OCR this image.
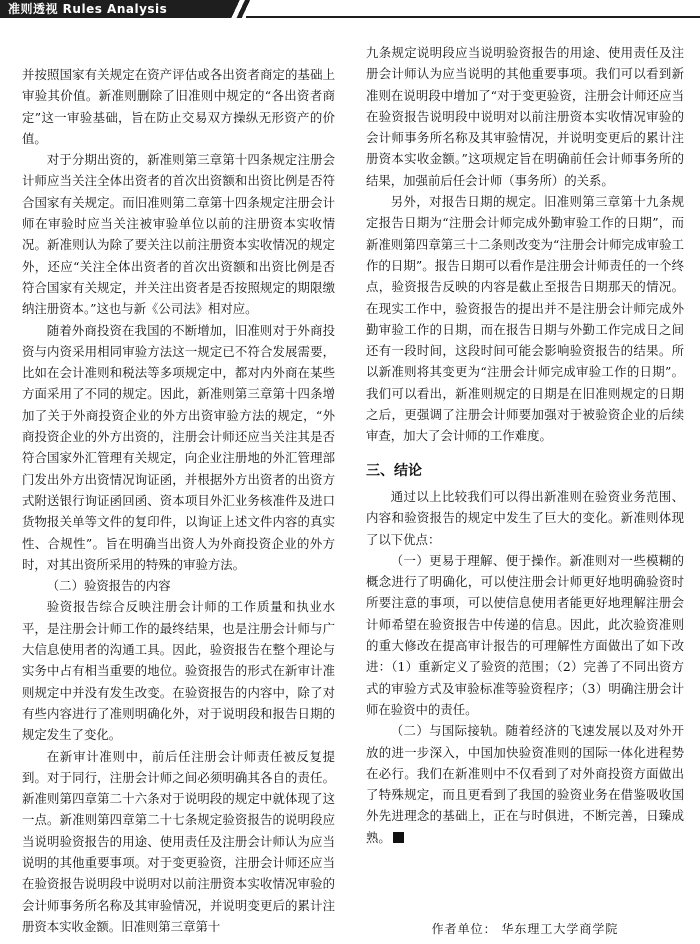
准则透视 Rules Analysis

并按照国家有关规定在资产评估或各出资者商定的基础上审验其价值。新准则删除了旧准则中规定的“各出资者商定”这一审验基础，旨在防止交易双方操纵无形资产的价值。

对于分期出资的，新准则第三章第十四条规定注册会计师应当关注全体出资者的首次出资额和出资比例是否符合国家有关规定。而旧准则第二章第十四条规定注册会计师在审验时应当关注被审验单位以前的注册资本实收情况。新准则认为除了要关注以前注册资本实收情况的规定外，还应“关注全体出资者的首次出资额和出资比例是否符合国家有关规定，并关注出资者是否按照规定的期限缴纳注册资本。”这也与新《公司法》相对应。

随着外商投资在我国的不断增加，旧准则对于外商投资与内资采用相同审验方法这一规定已不符合发展需要，比如在会计准则和税法等多项规定中，都对内外商在某些方面采用了不同的规定。因此，新准则第三章第十四条增加了关于外商投资企业的外方出资审验方法的规定，“外商投资企业的外方出资的，注册会计师还应当关注其是否符合国家外汇管理有关规定，向企业注册地的外汇管理部门发出外方出资情况询证函，并根据外方出资者的出资方式附送银行询证函回函、资本项目外汇业务核准件及进口货物报关单等文件的复印件，以询证上述文件内容的真实性、合规性”。旨在明确当出资人为外商投资企业的外方时，对其出资所采用的特殊的审验方法。

（二）验资报告的内容

验资报告综合反映注册会计师的工作质量和执业水平，是注册会计师工作的最终结果，也是注册会计师与广大信息使用者的沟通工具。因此，验资报告在整个理论与实务中占有相当重要的地位。验资报告的形式在新审计准则规定中并没有发生改变。在验资报告的内容中，除了对有些内容进行了准则明确化外，对于说明段和报告日期的规定发生了变化。

在新审计准则中，前后任注册会计师责任被反复提到。对于同行，注册会计师之间必须明确其各自的责任。新准则第四章第二十六条对于说明段的规定中就体现了这一点。新准则第四章第二十七条规定验资报告的说明段应当说明验资报告的用途、使用责任及注册会计师认为应当说明的其他重要事项。对于变更验资，注册会计师还应当在验资报告说明段中说明对以前注册资本实收情况审验的会计师事务所名称及其审验情况，并说明变更后的累计注册资本实收金额。旧准则第三章第十

九条规定说明段应当说明验资报告的用途、使用责任及注册会计师认为应当说明的其他重要事项。我们可以看到新准则在说明段中增加了“对于变更验资，注册会计师还应当在验资报告说明段中说明对以前注册资本实收情况审验的会计师事务所名称及其审验情况，并说明变更后的累计注册资本实收金额。”这项规定旨在明确前任会计师事务所的结果，加强前后任会计师（事务所）的关系。

另外，对报告日期的规定。旧准则第三章第十九条规定报告日期为“注册会计师完成外勤审验工作的日期”，而新准则第四章第三十二条则改变为“注册会计师完成审验工作的日期”。报告日期可以看作是注册会计师责任的一个终点，验资报告反映的内容是截止至报告日期那天的情况。在现实工作中，验资报告的提出并不是注册会计师完成外勤审验工作的日期，而在报告日期与外勤工作完成日之间还有一段时间，这段时间可能会影响验资报告的结果。所以新准则将其变更为“注册会计师完成审验工作的日期”。我们可以看出，新准则规定的日期是在旧准则规定的日期之后，更强调了注册会计师要加强对于被验资企业的后续审查，加大了会计师的工作难度。

三、结论

通过以上比较我们可以得出新准则在验资业务范围、内容和验资报告的规定中发生了巨大的变化。新准则体现了以下优点：

（一）更易于理解、便于操作。新准则对一些模糊的概念进行了明确化，可以使注册会计师更好地明确验资时所要注意的事项，可以使信息使用者能更好地理解注册会计师希望在验资报告中传递的信息。因此，此次验资准则的重大修改在提高审计报告的可理解性方面做出了如下改进：（1）重新定义了验资的范围；（2）完善了不同出资方式的审验方式及审验标准等验资程序；（3）明确注册会计师在验资中的责任。

（二）与国际接轨。随着经济的飞速发展以及对外开放的进一步深入，中国加快验资准则的国际一体化进程势在必行。我们在新准则中不仅看到了对外商投资方面做出了特殊规定，而且更看到了我国的验资业务在借鉴吸收国外先进理念的基础上，正在与时俱进，不断完善，日臻成熟。

作者单位： 华东理工大学商学院
